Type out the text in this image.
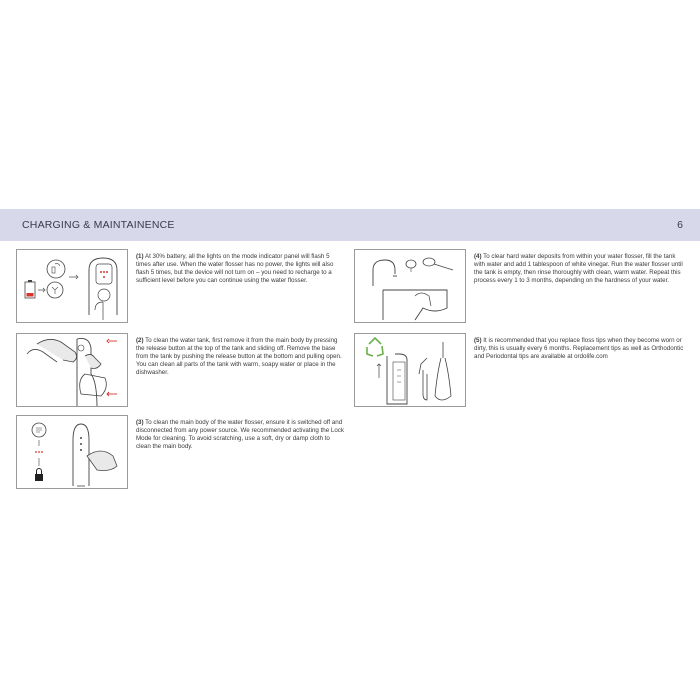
CHARGING & MAINTAINENCE	6
(1) At 30% battery, all the lights on the mode indicator panel will flash 5 times after use. When the water flosser has no power, the lights will also flash 5 times, but the device will not turn on – you need to recharge to a sufficient level before you can continue using the water flosser.
(2) To clean the water tank, first remove it from the main body by pressing the release button at the top of the tank and sliding off. Remove the base from the tank by pushing the release button at the bottom and pulling open. You can clean all parts of the tank with warm, soapy water or place in the dishwasher.
(3) To clean the main body of the water flosser, ensure it is switched off and disconnected from any power source. We recommended activating the Lock Mode for cleaning. To avoid scratching, use a soft, dry or damp cloth to clean the main body.
(4) To clear hard water deposits from within your water flosser, fill the tank with water and add 1 tablespoon of white vinegar. Run the water flosser until the tank is empty, then rinse thoroughly with clean, warm water. Repeat this process every 1 to 3 months, depending on the hardness of your water.
(5) It is recommended that you replace floss tips when they become worn or dirty, this is usually every 6 months. Replacement tips as well as Orthodontic and Periodontal tips are available at ordolife.com
